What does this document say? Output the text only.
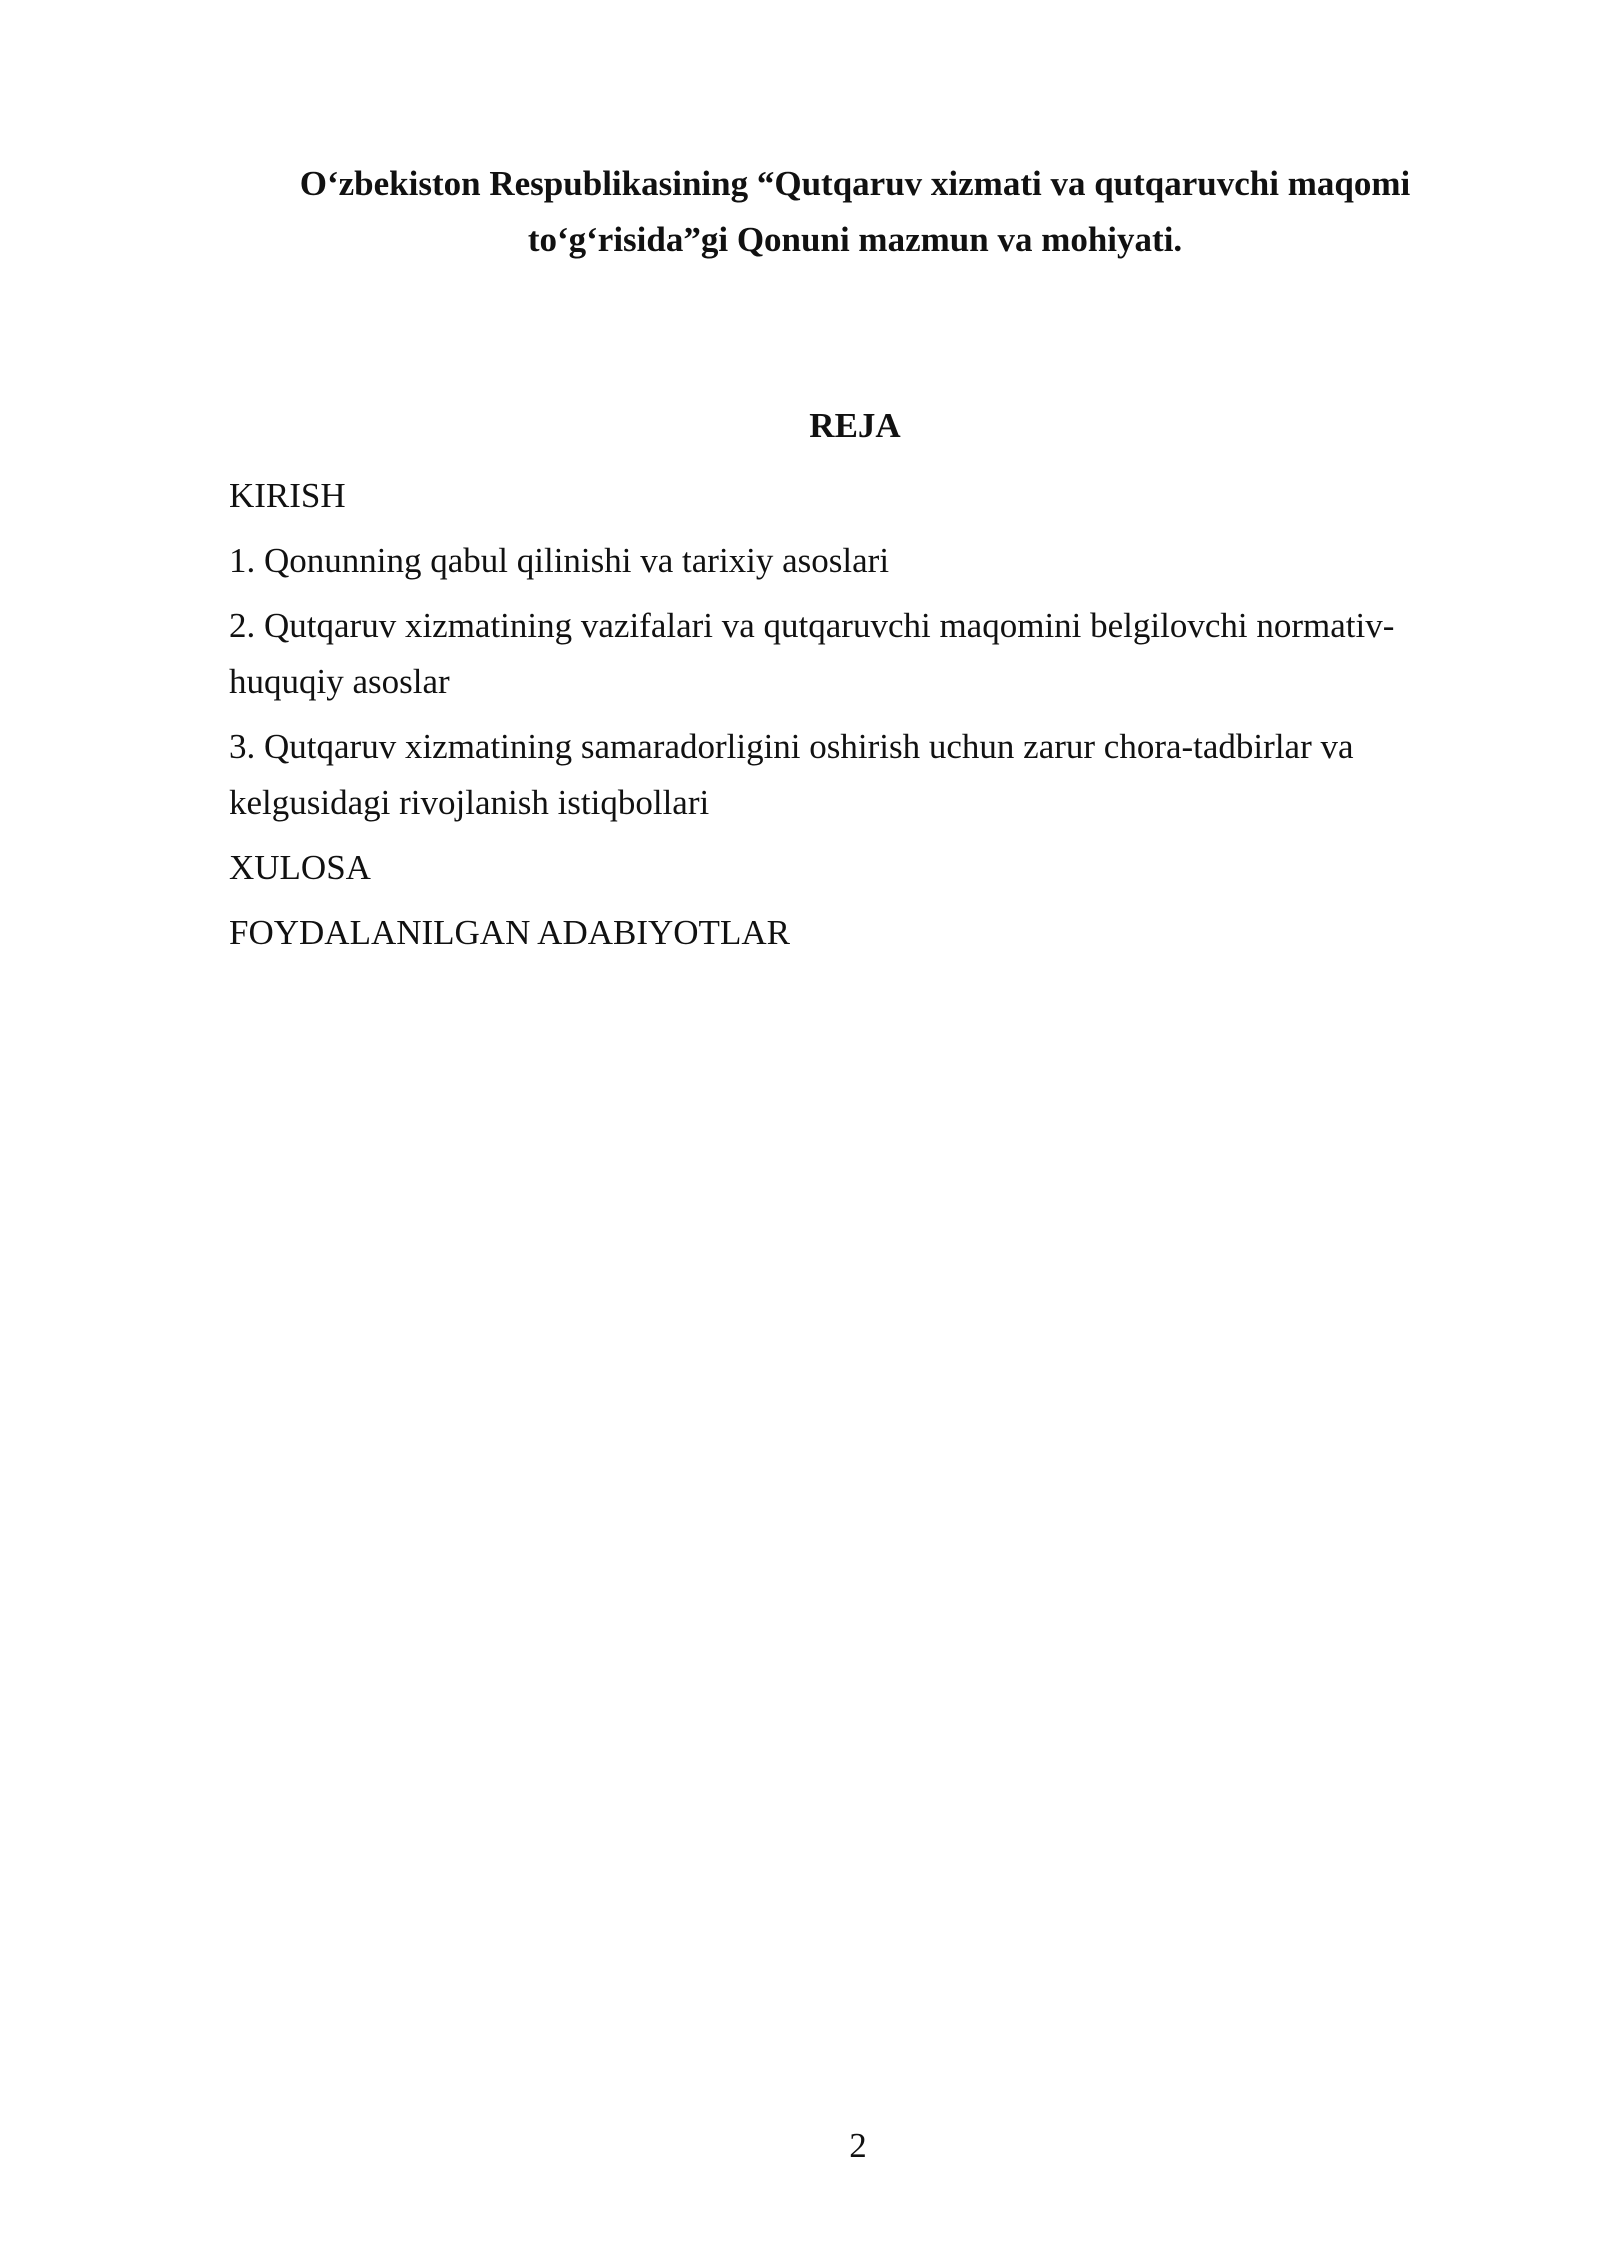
O‘zbekiston Respublikasining “Qutqaruv xizmati va qutqaruvchi maqomi
to‘g‘risida”gi Qonuni mazmun va mohiyati.
REJA
KIRISH
1. Qonunning qabul qilinishi va tarixiy asoslari
2. Qutqaruv xizmatining vazifalari va qutqaruvchi maqomini belgilovchi normativ-huquqiy asoslar
3. Qutqaruv xizmatining samaradorligini oshirish uchun zarur chora-tadbirlar va kelgusidagi rivojlanish istiqbollari
XULOSA
FOYDALANILGAN ADABIYOTLAR
2
